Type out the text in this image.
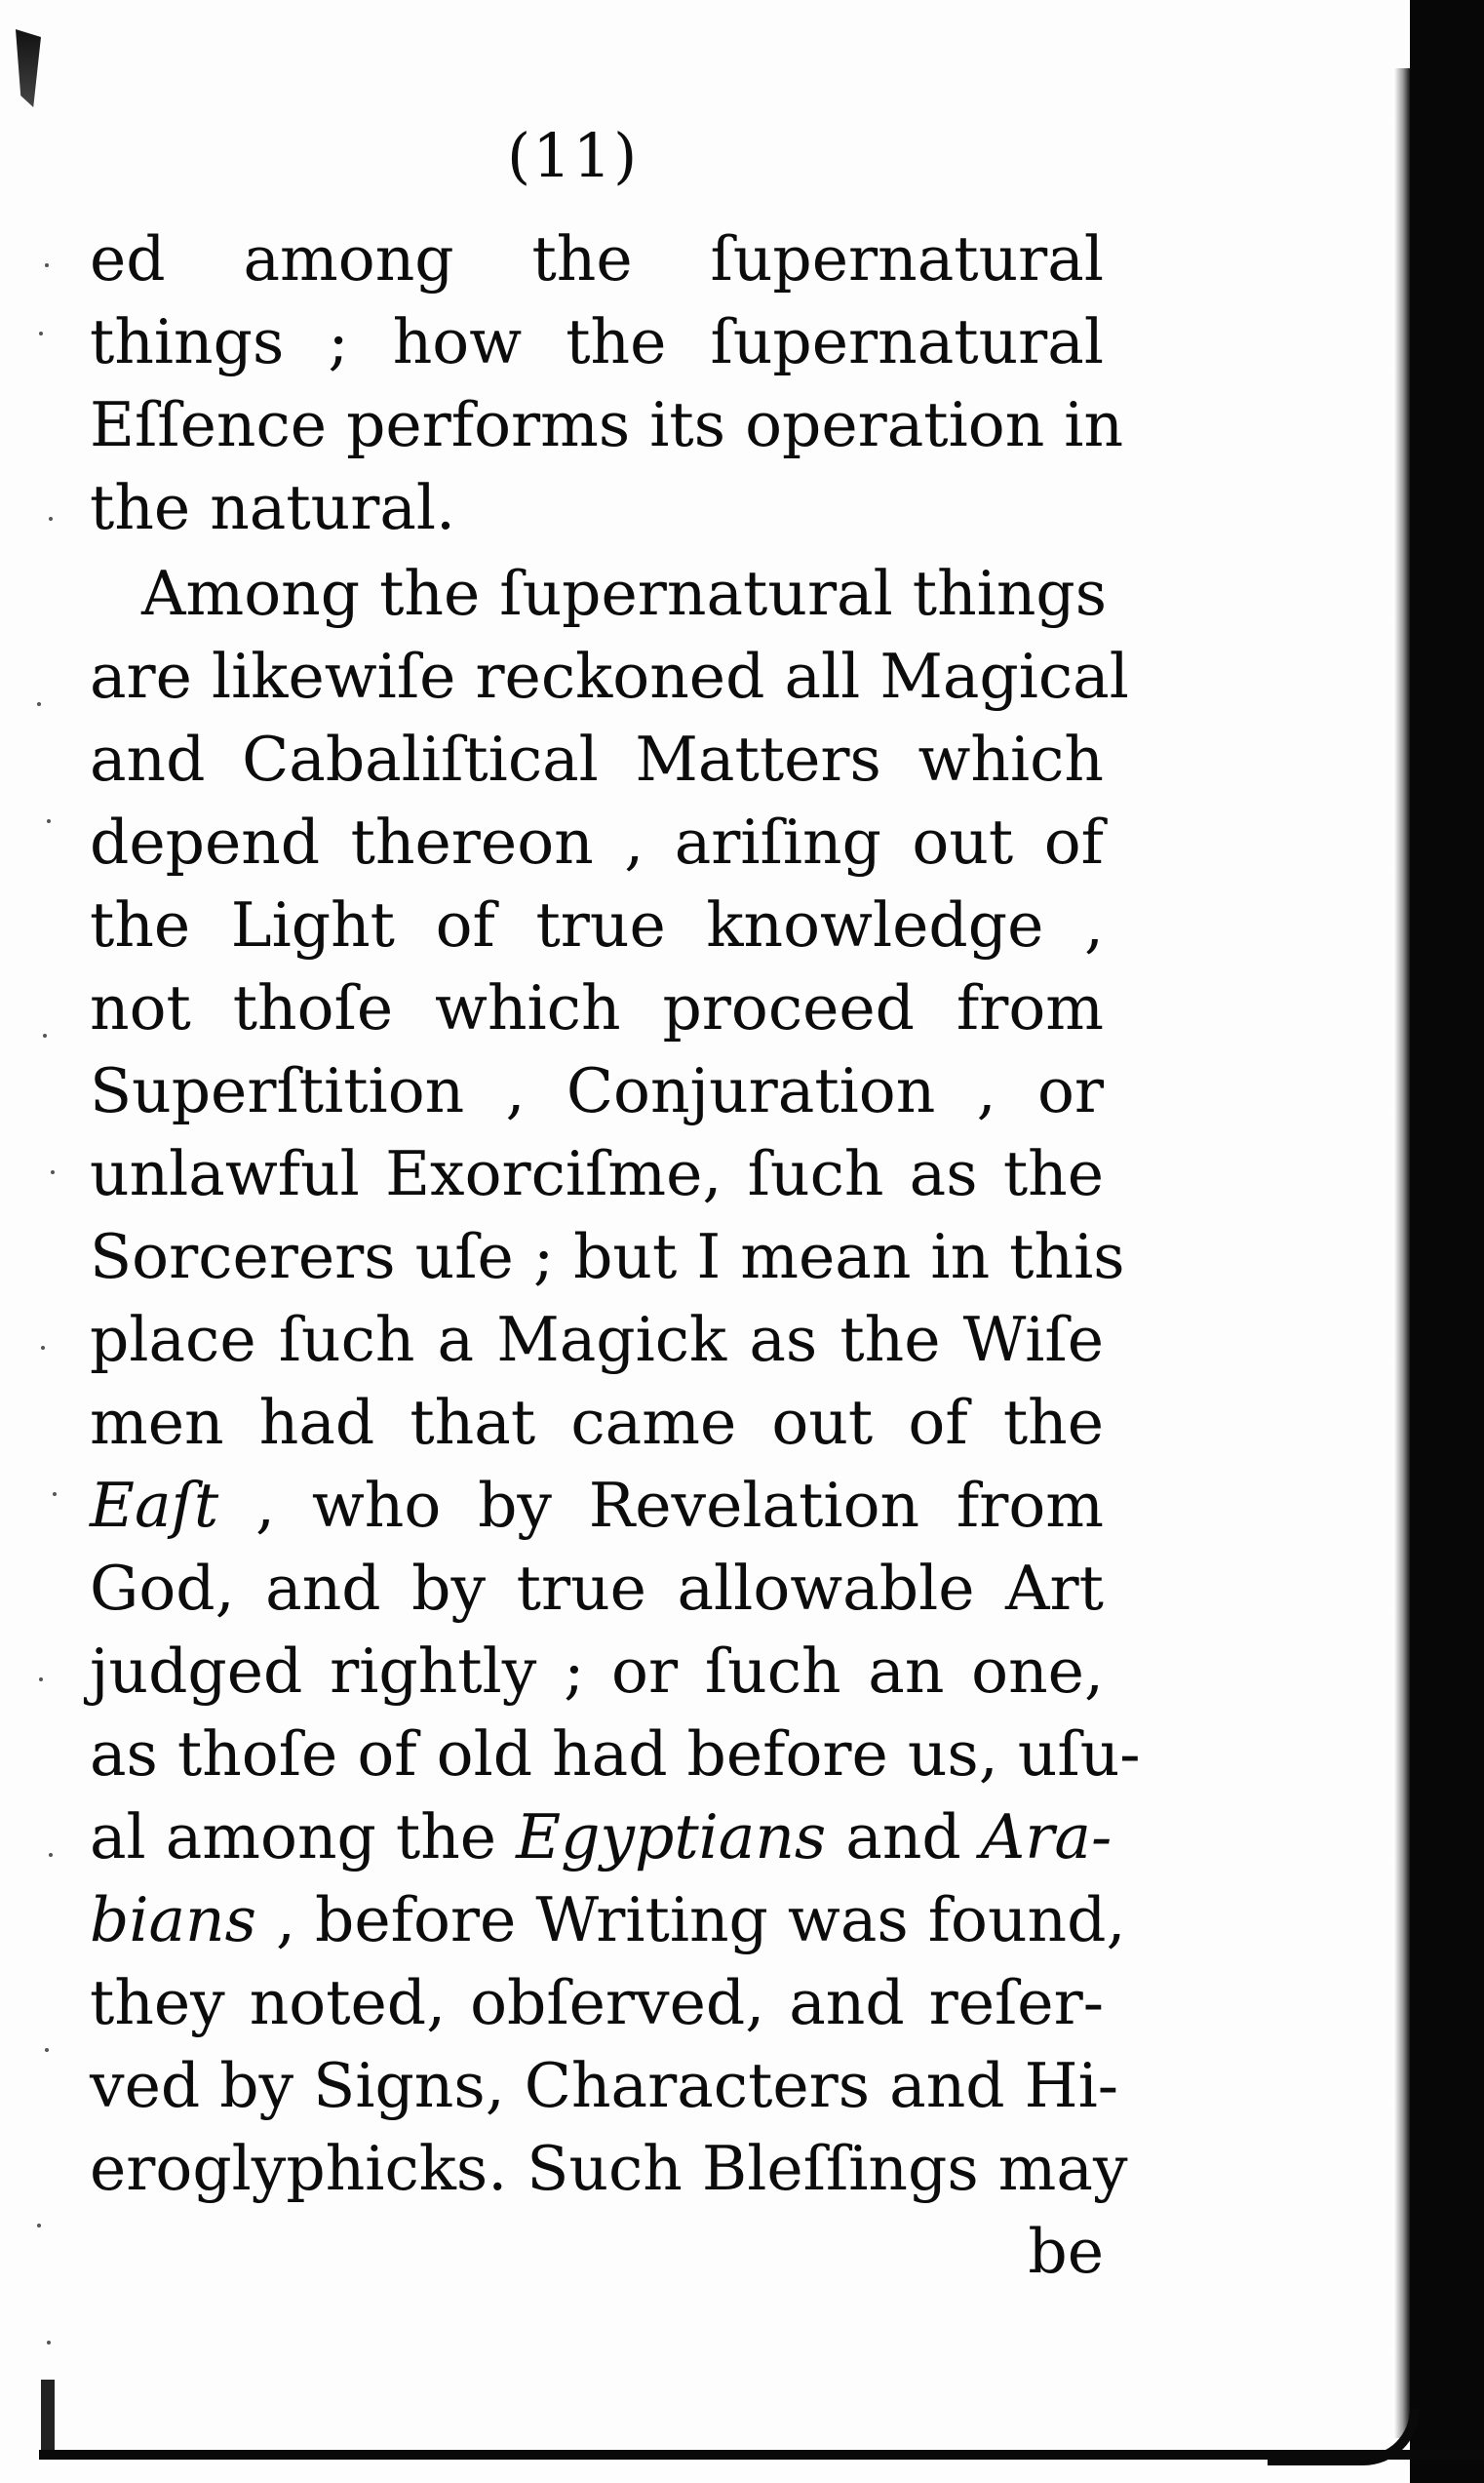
(11)

ed among the ſupernatural

things ; how the ſupernatural

Eſſence performs its operation in

the natural.

Among the ſupernatural things

are likewiſe reckoned all Magical

and Cabaliſtical Matters which

depend thereon , ariſing out of

the Light of true knowledge ,

not thoſe which proceed from

Superſtition , Conjuration , or

unlawful Exorciſme, ſuch as the

Sorcerers uſe ; but I mean in this

place ſuch a Magick as the Wiſe

men had that came out of the

Eaſt , who by Revelation from

God, and by true allowable Art

judged rightly ; or ſuch an one,

as thoſe of old had before us, uſu-

al among the Egyptians and Ara-

bians , before Writing was found,

they noted, obſerved, and reſer-

ved by Signs, Characters and Hi-

eroglyphicks. Such Bleſſings may

be
